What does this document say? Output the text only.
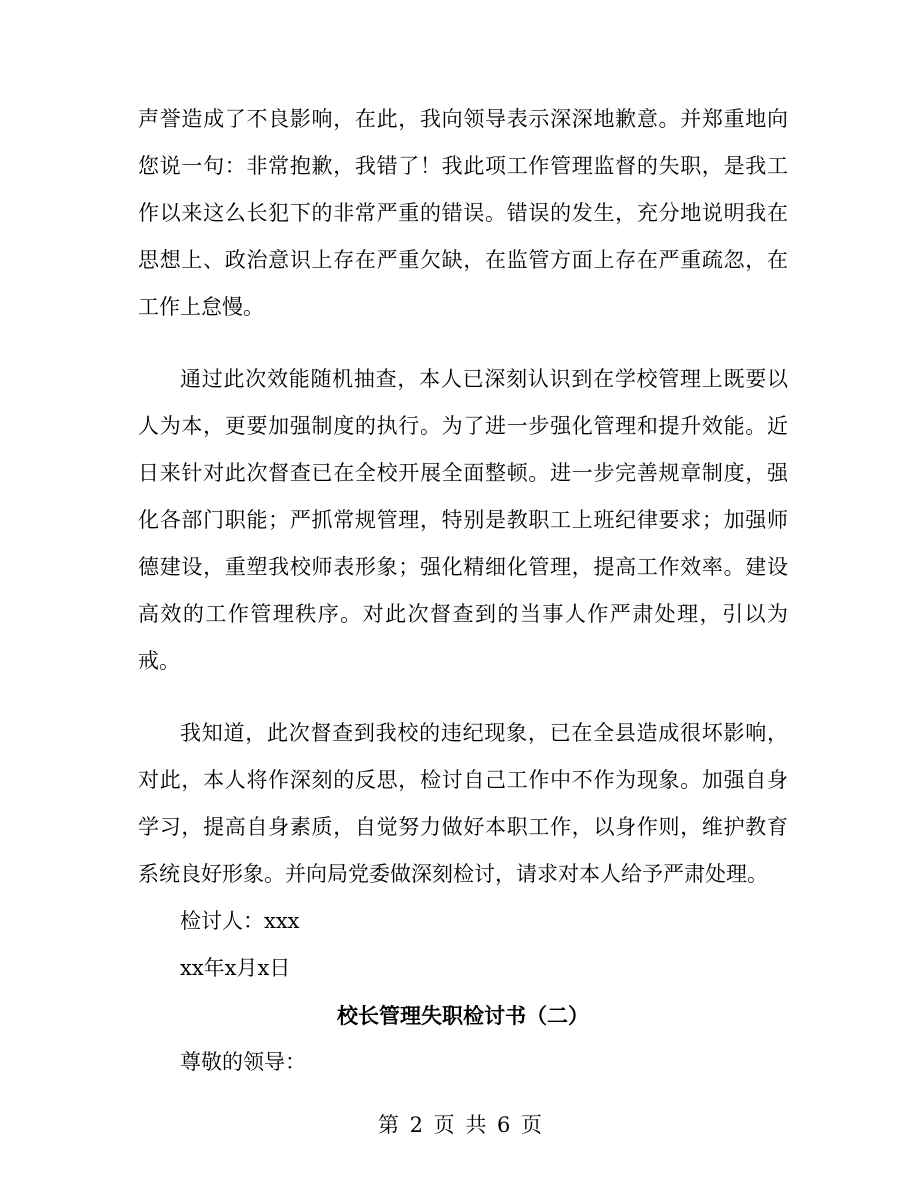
声誉造成了不良影响，在此，我向领导表示深深地歉意。并郑重地向您说一句：非常抱歉，我错了！我此项工作管理监督的失职，是我工作以来这么长犯下的非常严重的错误。错误的发生，充分地说明我在思想上、政治意识上存在严重欠缺，在监管方面上存在严重疏忽，在工作上怠慢。

通过此次效能随机抽查，本人已深刻认识到在学校管理上既要以人为本，更要加强制度的执行。为了进一步强化管理和提升效能。近日来针对此次督查已在全校开展全面整顿。进一步完善规章制度，强化各部门职能；严抓常规管理，特别是教职工上班纪律要求；加强师德建设，重塑我校师表形象；强化精细化管理，提高工作效率。建设高效的工作管理秩序。对此次督查到的当事人作严肃处理，引以为戒。

我知道，此次督查到我校的违纪现象，已在全县造成很坏影响，对此，本人将作深刻的反思，检讨自己工作中不作为现象。加强自身学习，提高自身素质，自觉努力做好本职工作，以身作则，维护教育系统良好形象。并向局党委做深刻检讨，请求对本人给予严肃处理。

检讨人：xxx

xx年x月x日

校长管理失职检讨书（二）

尊敬的领导：

第 2 页 共 6 页
